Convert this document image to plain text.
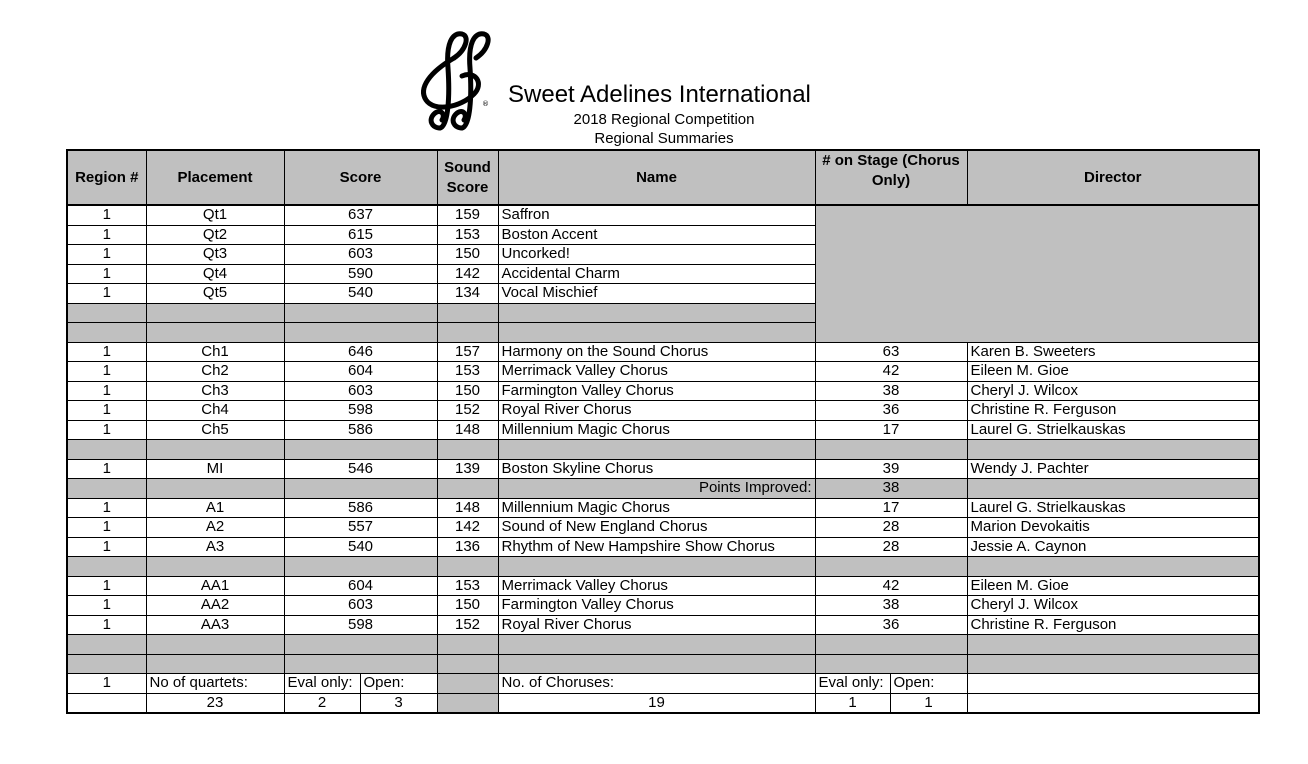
® Sweet Adelines International
2018 Regional Competition
Regional Summaries
Region #	Placement	Score		Sound Score	Name	# on Stage (Chorus Only)		Director
1	Qt1	637		159	Saffron			
1	Qt2	615		153	Boston Accent			
1	Qt3	603		150	Uncorked!			
1	Qt4	590		142	Accidental Charm			
1	Qt5	540		134	Vocal Mischief			

1	Ch1	646		157	Harmony on the Sound Chorus	63		Karen B. Sweeters
1	Ch2	604		153	Merrimack Valley Chorus	42		Eileen M. Gioe
1	Ch3	603		150	Farmington Valley Chorus	38		Cheryl J. Wilcox
1	Ch4	598		152	Royal River Chorus	36		Christine R. Ferguson
1	Ch5	586		148	Millennium Magic Chorus	17		Laurel G. Strielkauskas

1	MI	546		139	Boston Skyline Chorus	39		Wendy J. Pachter
					Points Improved:	38		
1	A1	586		148	Millennium Magic Chorus	17		Laurel G. Strielkauskas
1	A2	557		142	Sound of New England Chorus	28		Marion Devokaitis
1	A3	540		136	Rhythm of New Hampshire Show Chorus	28		Jessie A. Caynon

1	AA1	604		153	Merrimack Valley Chorus	42		Eileen M. Gioe
1	AA2	603		150	Farmington Valley Chorus	38		Cheryl J. Wilcox
1	AA3	598		152	Royal River Chorus	36		Christine R. Ferguson

1	No of quartets:	Eval only:	Open:		No. of Choruses:	Eval only:	Open:	
	23	2	3		19	1	1	
